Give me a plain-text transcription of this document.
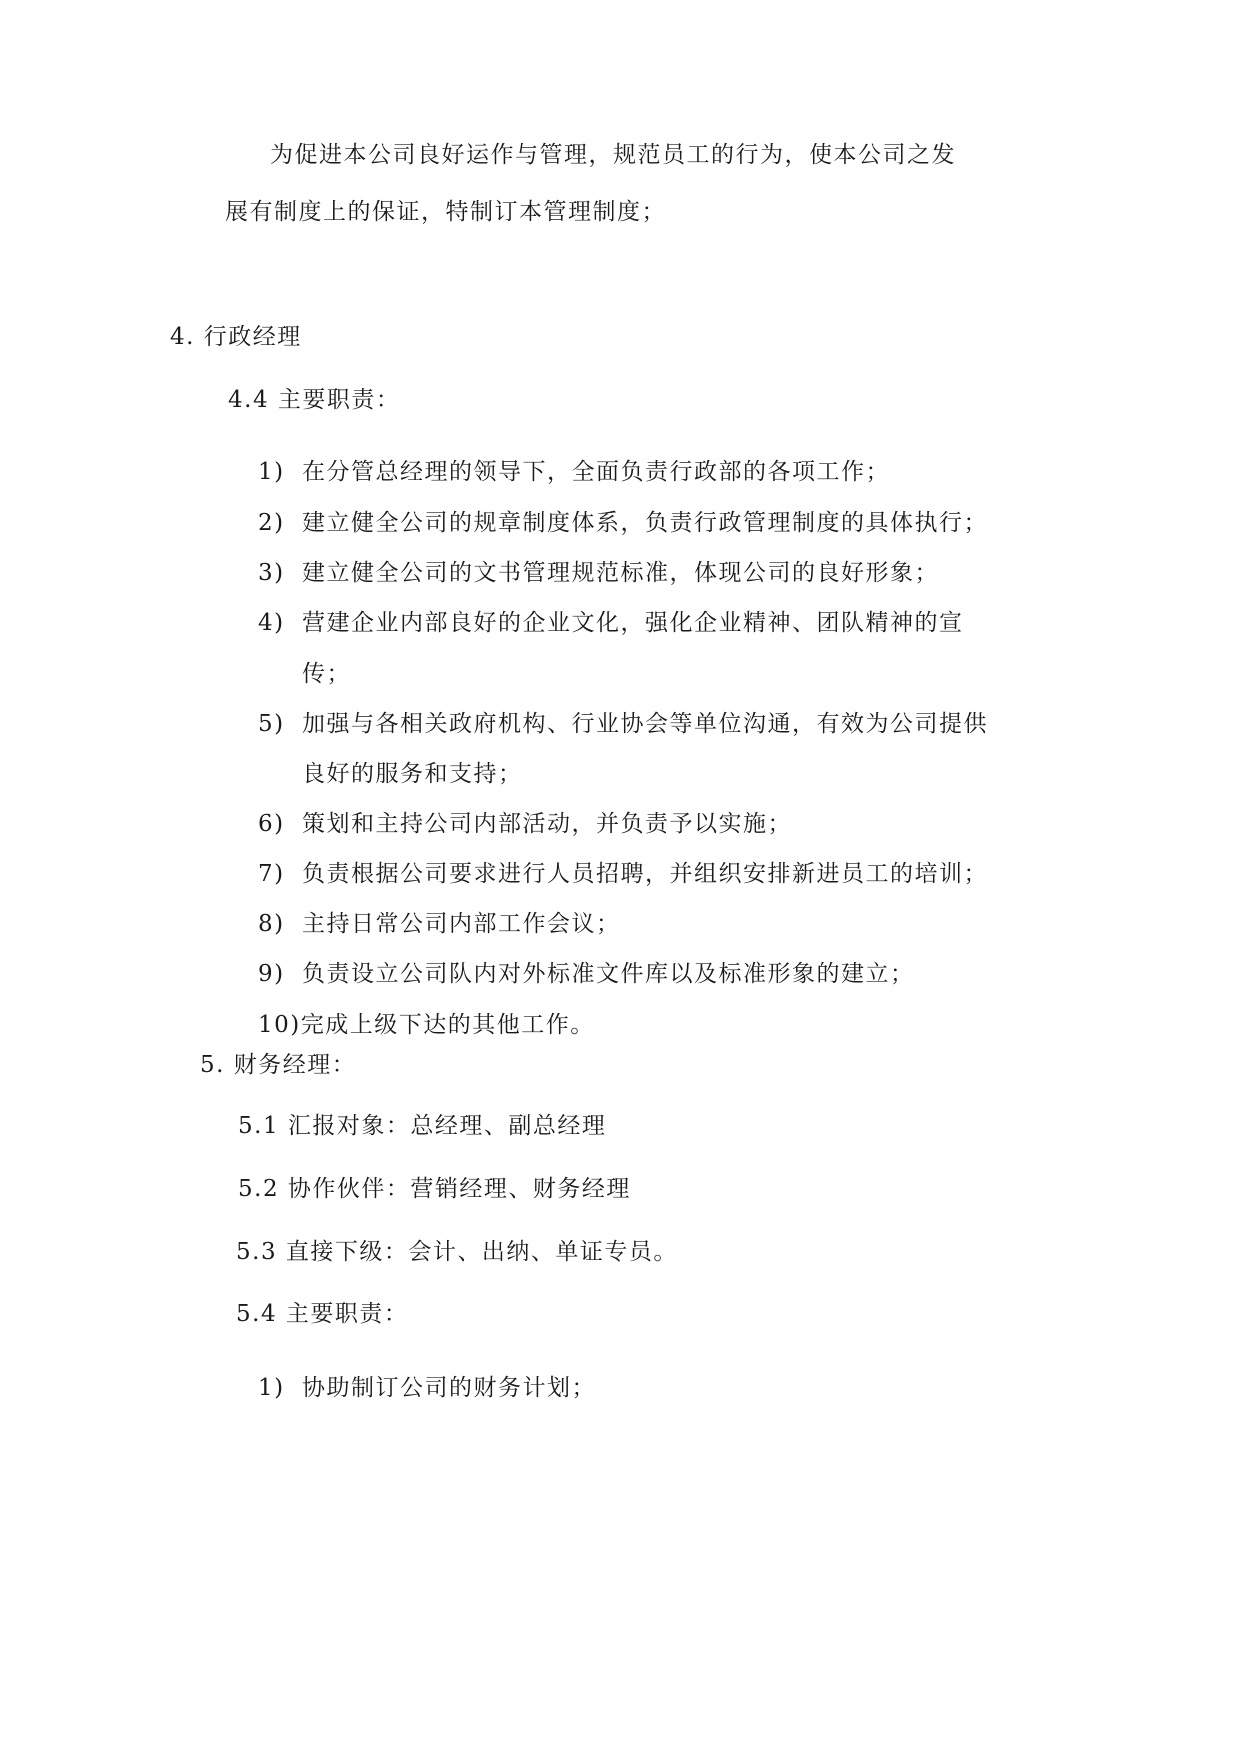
为促进本公司良好运作与管理，规范员工的行为，使本公司之发
展有制度上的保证，特制订本管理制度；
4. 行政经理
4.4 主要职责：
1) 在分管总经理的领导下，全面负责行政部的各项工作；
2) 建立健全公司的规章制度体系，负责行政管理制度的具体执行；
3) 建立健全公司的文书管理规范标准，体现公司的良好形象；
4) 营建企业内部良好的企业文化，强化企业精神、团队精神的宣
传；
5) 加强与各相关政府机构、行业协会等单位沟通，有效为公司提供
良好的服务和支持；
6) 策划和主持公司内部活动，并负责予以实施；
7) 负责根据公司要求进行人员招聘，并组织安排新进员工的培训；
8) 主持日常公司内部工作会议；
9) 负责设立公司队内对外标准文件库以及标准形象的建立；
10)完成上级下达的其他工作。
5. 财务经理：
5.1 汇报对象：总经理、副总经理
5.2 协作伙伴：营销经理、财务经理
5.3 直接下级：会计、出纳、单证专员。
5.4 主要职责：
1) 协助制订公司的财务计划；
